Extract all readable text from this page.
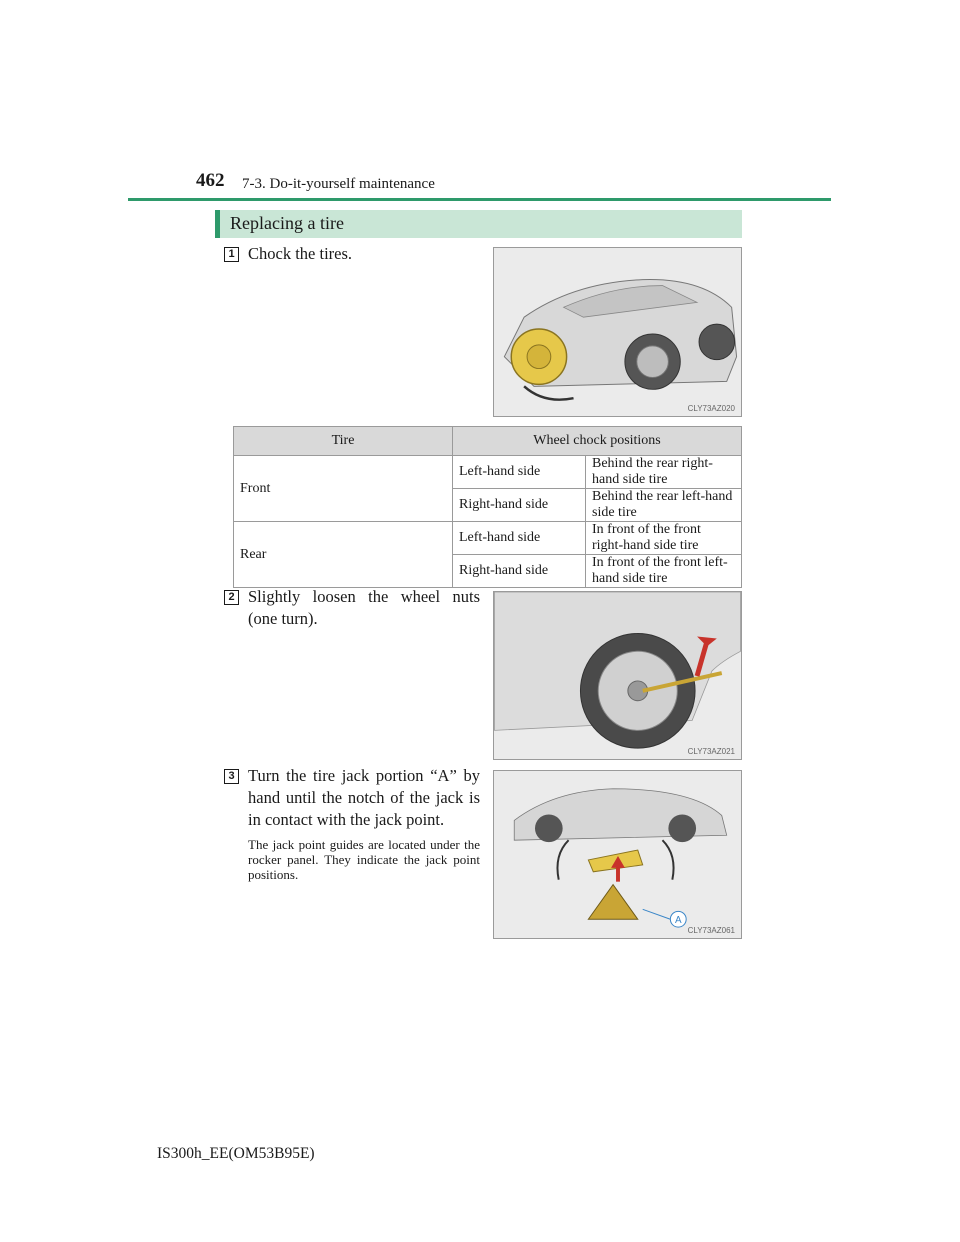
462 7-3. Do-it-yourself maintenance
Replacing a tire
1 Chock the tires.
CLY73AZ020
Tire	Wheel chock positions	
Front	Left-hand side	Behind the rear right-hand side tire
	Right-hand side	Behind the rear left-hand side tire
Rear	Left-hand side	In front of the front right-hand side tire
	Right-hand side	In front of the front left-hand side tire
2 Slightly loosen the wheel nuts (one turn).
CLY73AZ021
3 Turn the tire jack portion “A” by hand until the notch of the jack is in contact with the jack point.
The jack point guides are located under the rocker panel. They indicate the jack point positions.
A
CLY73AZ061
IS300h_EE(OM53B95E)
